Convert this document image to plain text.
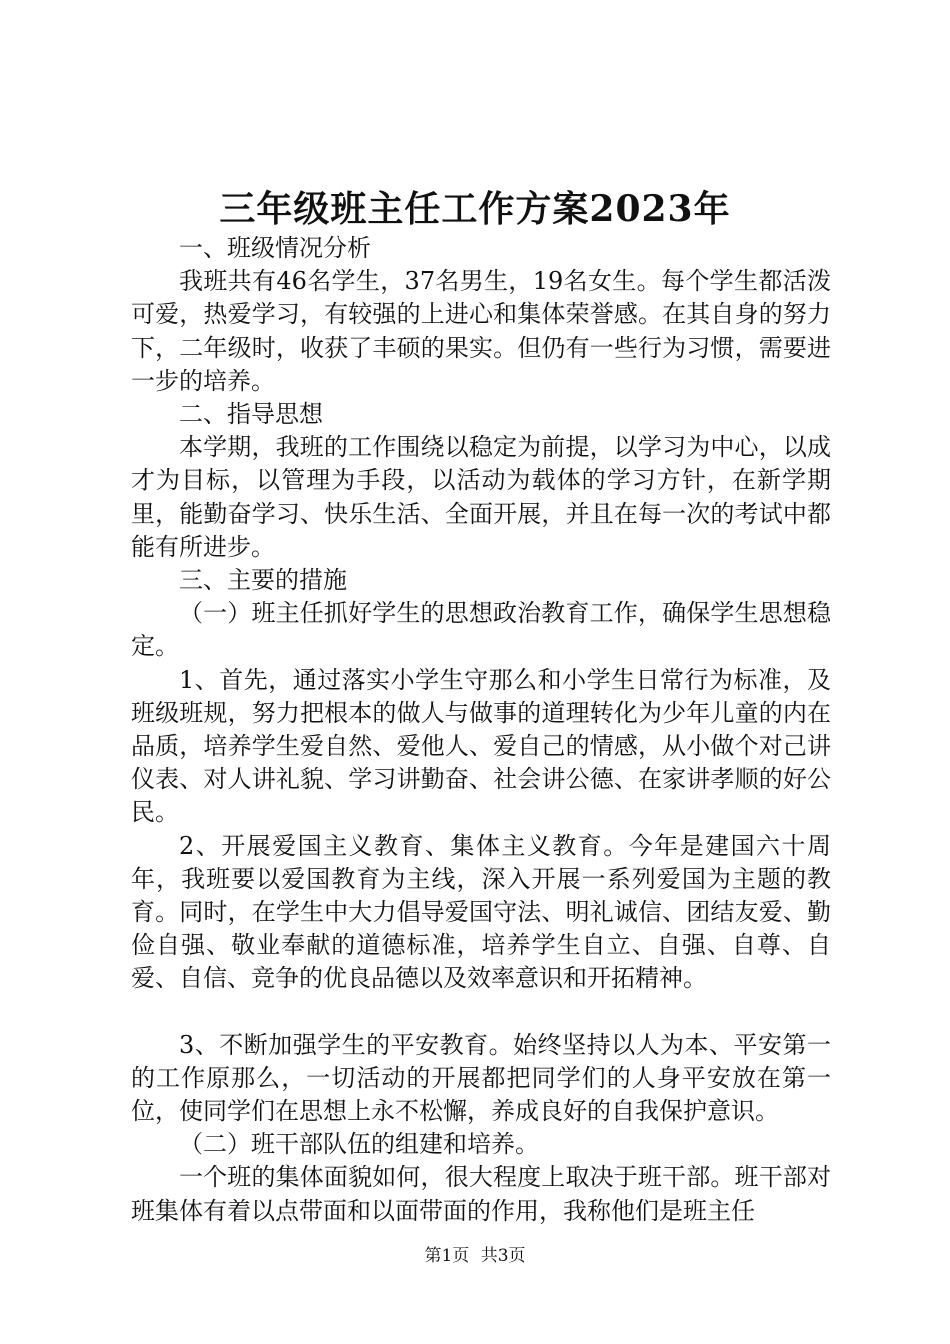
三年级班主任工作方案2023年

一、班级情况分析

我班共有46名学生，37名男生，19名女生。每个学生都活泼可爱，热爱学习，有较强的上进心和集体荣誉感。在其自身的努力下，二年级时，收获了丰硕的果实。但仍有一些行为习惯，需要进一步的培养。

二、指导思想

本学期，我班的工作围绕以稳定为前提，以学习为中心，以成才为目标，以管理为手段，以活动为载体的学习方针，在新学期里，能勤奋学习、快乐生活、全面开展，并且在每一次的考试中都能有所进步。

三、主要的措施

（一）班主任抓好学生的思想政治教育工作，确保学生思想稳定。

1、首先，通过落实小学生守那么和小学生日常行为标准，及班级班规，努力把根本的做人与做事的道理转化为少年儿童的内在品质，培养学生爱自然、爱他人、爱自己的情感，从小做个对己讲仪表、对人讲礼貌、学习讲勤奋、社会讲公德、在家讲孝顺的好公民。

2、开展爱国主义教育、集体主义教育。今年是建国六十周年，我班要以爱国教育为主线，深入开展一系列爱国为主题的教育。同时，在学生中大力倡导爱国守法、明礼诚信、团结友爱、勤俭自强、敬业奉献的道德标准，培养学生自立、自强、自尊、自爱、自信、竞争的优良品德以及效率意识和开拓精神。

3、不断加强学生的平安教育。始终坚持以人为本、平安第一的工作原那么，一切活动的开展都把同学们的人身平安放在第一位，使同学们在思想上永不松懈，养成良好的自我保护意识。

（二）班干部队伍的组建和培养。

一个班的集体面貌如何，很大程度上取决于班干部。班干部对班集体有着以点带面和以面带面的作用，我称他们是班主任

第1页 共3页
